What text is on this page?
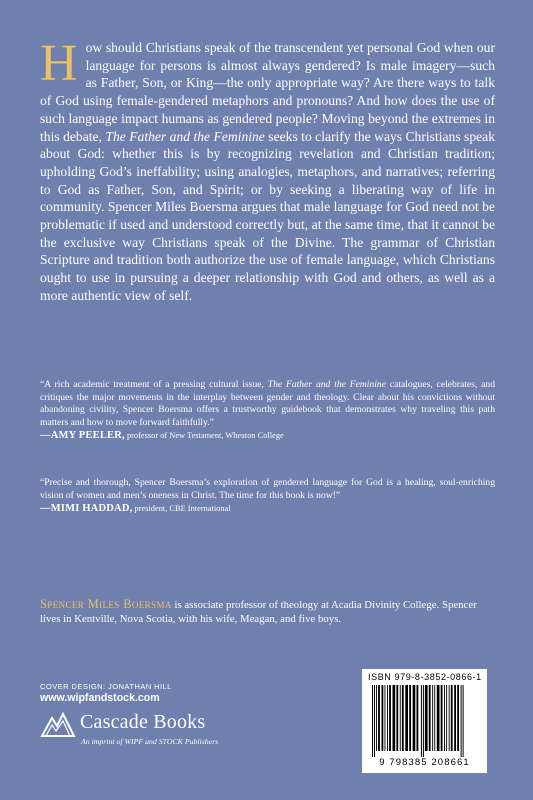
How should Christians speak of the transcendent yet personal God when our language for persons is almost always gendered? Is male imagery—such as Father, Son, or King—the only appropriate way? Are there ways to talk of God using female-gendered metaphors and pronouns? And how does the use of such language impact humans as gendered people? Moving beyond the extremes in this debate, The Father and the Feminine seeks to clarify the ways Christians speak about God: whether this is by recognizing revelation and Christian tradition; upholding God’s ineffability; using analogies, metaphors, and narratives; referring to God as Father, Son, and Spirit; or by seeking a liberating way of life in community. Spencer Miles Boersma argues that male language for God need not be problematic if used and understood correctly but, at the same time, that it cannot be the exclusive way Christians speak of the Divine. The grammar of Christian Scripture and tradition both authorize the use of female language, which Christians ought to use in pursuing a deeper relationship with God and others, as well as a more authentic view of self.

“A rich academic treatment of a pressing cultural issue, The Father and the Feminine catalogues, celebrates, and critiques the major movements in the interplay between gender and theology. Clear about his convictions without abandoning civility, Spencer Boersma offers a trustworthy guidebook that demonstrates why traveling this path matters and how to move forward faithfully.”
—AMY PEELER, professor of New Testament, Wheaton College

“Precise and thorough, Spencer Boersma’s exploration of gendered language for God is a healing, soul-enriching vision of women and men’s oneness in Christ. The time for this book is now!”
—MIMI HADDAD, president, CBE International

Spencer Miles Boersma is associate professor of theology at Acadia Divinity College. Spencer lives in Kentville, Nova Scotia, with his wife, Meagan, and five boys.

COVER DESIGN: JONATHAN HILL
www.wipfandstock.com
Cascade Books
An imprint of WIPF and STOCK Publishers
ISBN 979-8-3852-0866-1
9 798385 208661
